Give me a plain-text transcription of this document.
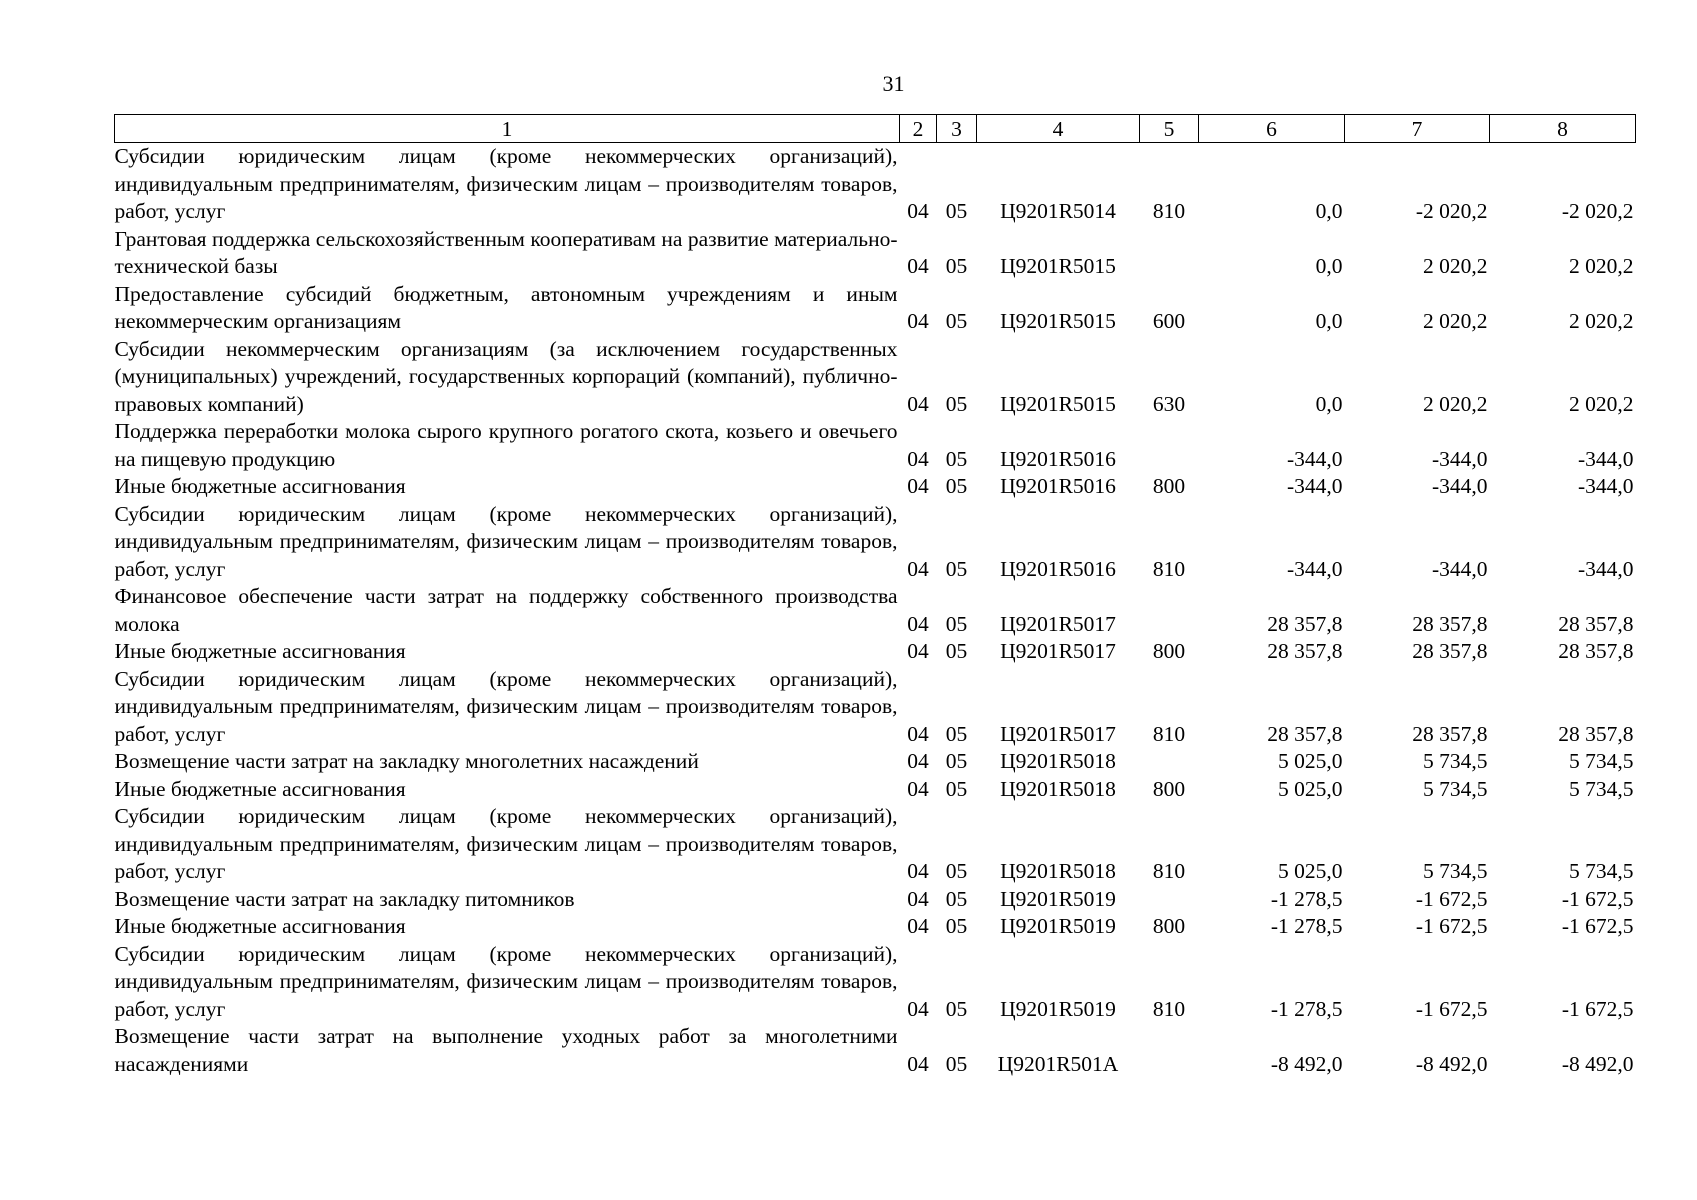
31
1	2	3	4	5	6	7	8
Субсидии юридическим лицам (кроме некоммерческих организаций), индивидуальным предпринимателям, физическим лицам – производителям товаров, работ, услуг	04	05	Ц9201R5014	810	0,0	-2 020,2	-2 020,2
Грантовая поддержка сельскохозяйственным кооперативам на развитие материально-технической базы	04	05	Ц9201R5015		0,0	2 020,2	2 020,2
Предоставление субсидий бюджетным, автономным учреждениям и иным некоммерческим организациям	04	05	Ц9201R5015	600	0,0	2 020,2	2 020,2
Субсидии некоммерческим организациям (за исключением государственных (муниципальных) учреждений, государственных корпораций (компаний), публично-правовых компаний)	04	05	Ц9201R5015	630	0,0	2 020,2	2 020,2
Поддержка переработки молока сырого крупного рогатого скота, козьего и овечьего на пищевую продукцию	04	05	Ц9201R5016		-344,0	-344,0	-344,0
Иные бюджетные ассигнования	04	05	Ц9201R5016	800	-344,0	-344,0	-344,0
Субсидии юридическим лицам (кроме некоммерческих организаций), индивидуальным предпринимателям, физическим лицам – производителям товаров, работ, услуг	04	05	Ц9201R5016	810	-344,0	-344,0	-344,0
Финансовое обеспечение части затрат на поддержку собственного производства молока	04	05	Ц9201R5017		28 357,8	28 357,8	28 357,8
Иные бюджетные ассигнования	04	05	Ц9201R5017	800	28 357,8	28 357,8	28 357,8
Субсидии юридическим лицам (кроме некоммерческих организаций), индивидуальным предпринимателям, физическим лицам – производителям товаров, работ, услуг	04	05	Ц9201R5017	810	28 357,8	28 357,8	28 357,8
Возмещение части затрат на закладку многолетних насаждений	04	05	Ц9201R5018		5 025,0	5 734,5	5 734,5
Иные бюджетные ассигнования	04	05	Ц9201R5018	800	5 025,0	5 734,5	5 734,5
Субсидии юридическим лицам (кроме некоммерческих организаций), индивидуальным предпринимателям, физическим лицам – производителям товаров, работ, услуг	04	05	Ц9201R5018	810	5 025,0	5 734,5	5 734,5
Возмещение части затрат на закладку питомников	04	05	Ц9201R5019		-1 278,5	-1 672,5	-1 672,5
Иные бюджетные ассигнования	04	05	Ц9201R5019	800	-1 278,5	-1 672,5	-1 672,5
Субсидии юридическим лицам (кроме некоммерческих организаций), индивидуальным предпринимателям, физическим лицам – производителям товаров, работ, услуг	04	05	Ц9201R5019	810	-1 278,5	-1 672,5	-1 672,5
Возмещение части затрат на выполнение уходных работ за многолетними насаждениями	04	05	Ц9201R501А		-8 492,0	-8 492,0	-8 492,0
